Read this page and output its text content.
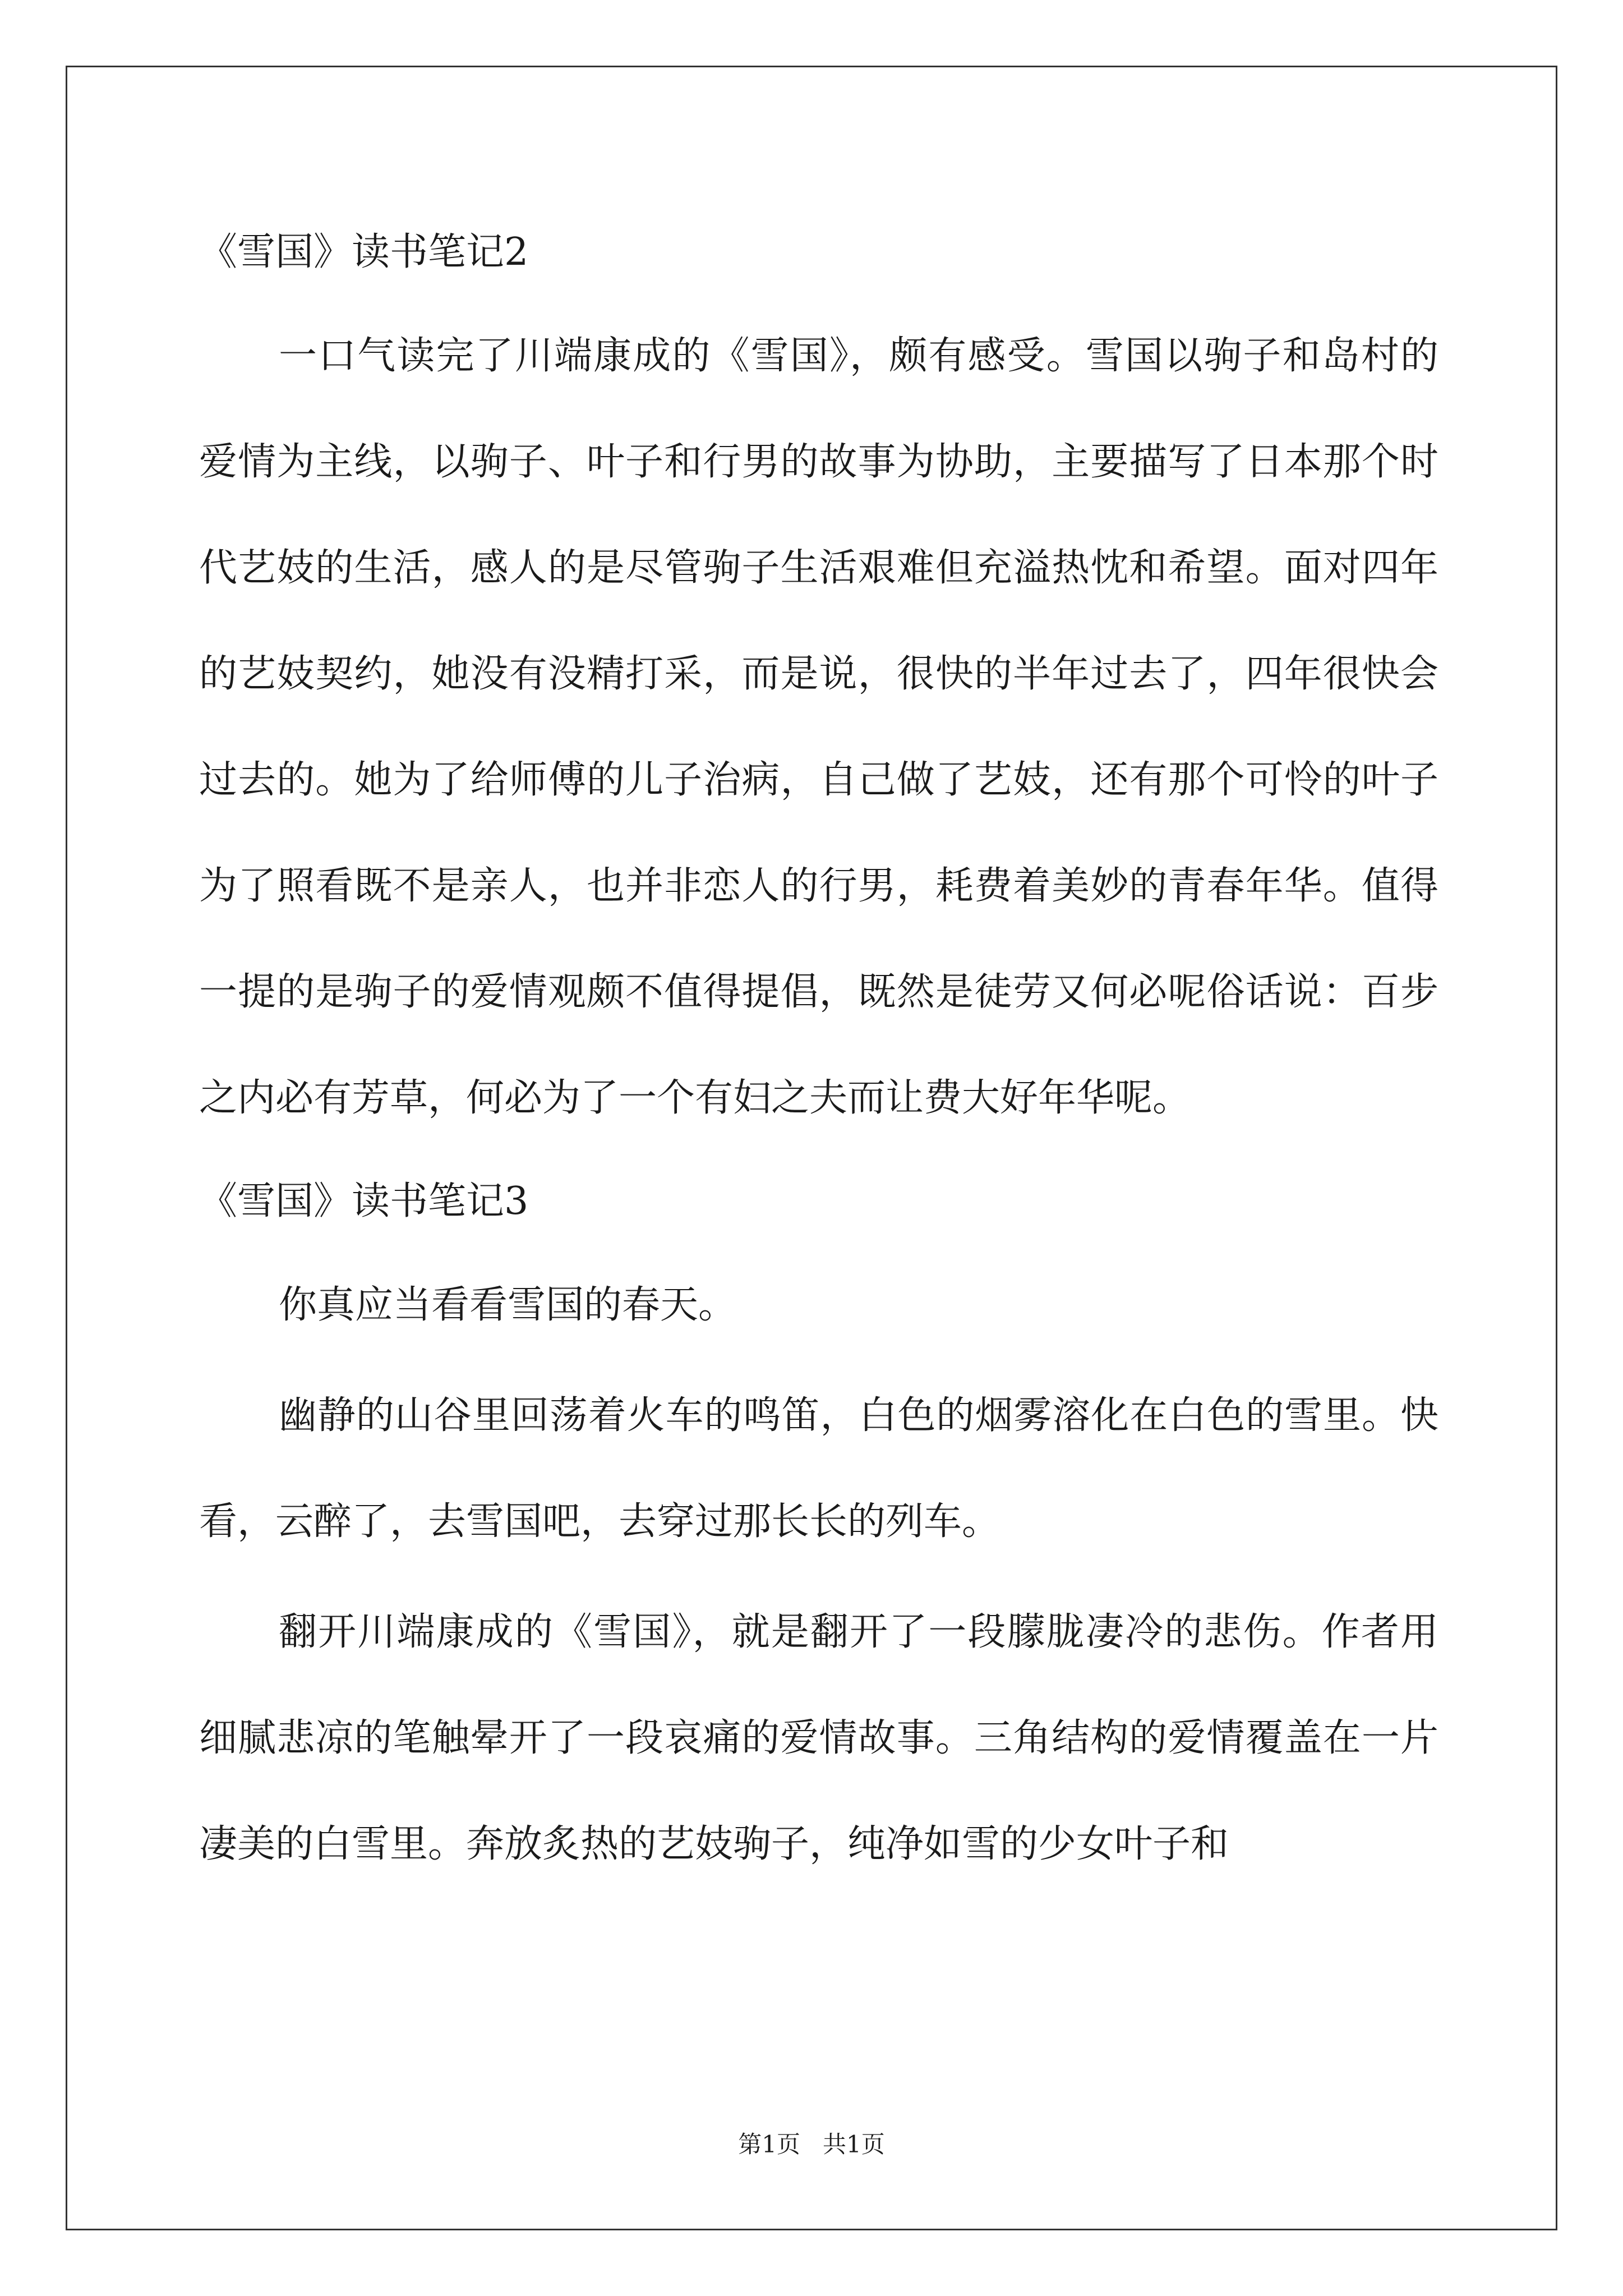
《雪国》读书笔记2

一口气读完了川端康成的《雪国》，颇有感受。雪国以驹子和岛村的爱情为主线，以驹子、叶子和行男的故事为协助，主要描写了日本那个时代艺妓的生活，感人的是尽管驹子生活艰难但充溢热忱和希望。面对四年的艺妓契约，她没有没精打采，而是说，很快的半年过去了，四年很快会过去的。她为了给师傅的儿子治病，自己做了艺妓，还有那个可怜的叶子为了照看既不是亲人，也并非恋人的行男，耗费着美妙的青春年华。值得一提的是驹子的爱情观颇不值得提倡，既然是徒劳又何必呢俗话说：百步之内必有芳草，何必为了一个有妇之夫而让费大好年华呢。

《雪国》读书笔记3

你真应当看看雪国的春天。

幽静的山谷里回荡着火车的鸣笛，白色的烟雾溶化在白色的雪里。快看，云醉了，去雪国吧，去穿过那长长的列车。

翻开川端康成的《雪国》，就是翻开了一段朦胧凄冷的悲伤。作者用细腻悲凉的笔触晕开了一段哀痛的爱情故事。三角结构的爱情覆盖在一片凄美的白雪里。奔放炙热的艺妓驹子，纯净如雪的少女叶子和

第1页   共1页
